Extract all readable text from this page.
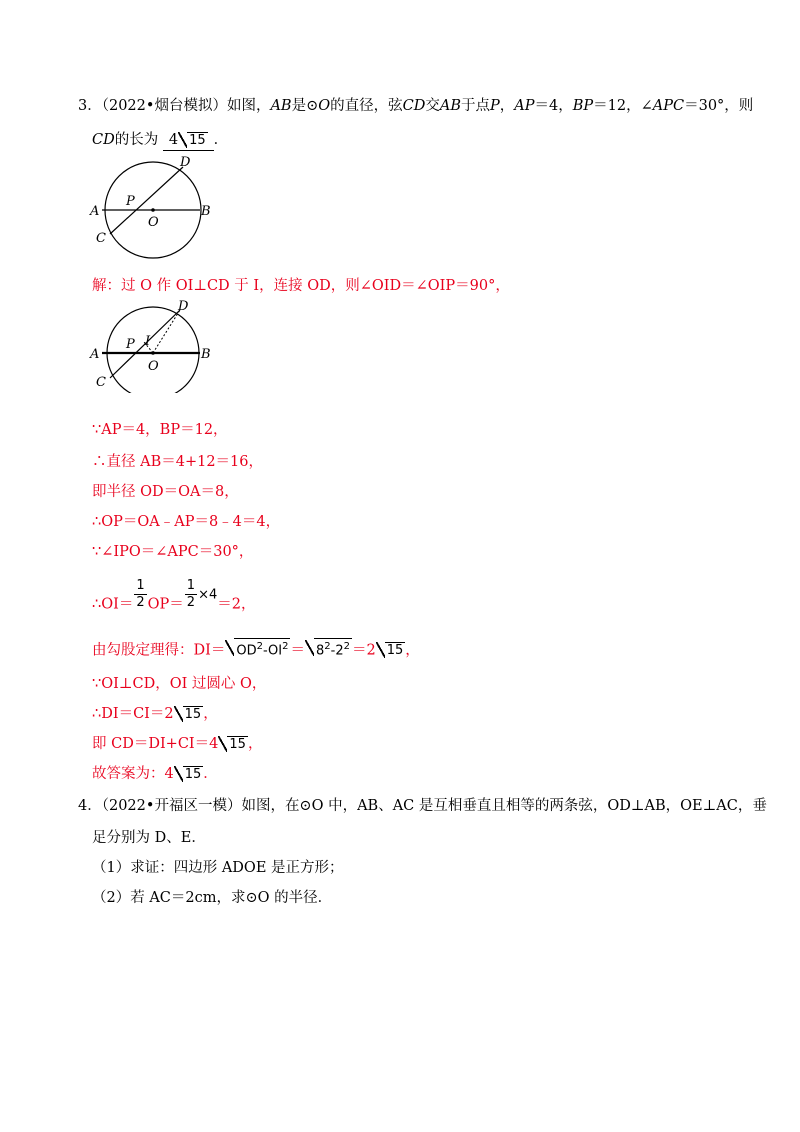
3．（2022•烟台模拟）如图，AB是⊙O的直径，弦CD交AB于点P，AP＝4，BP＝12，∠APC＝30°，则
CD的长为 4 15 ．
A	B
C
D
P
O
解：过 O 作 OI⊥CD 于 I，连接 OD，则∠OID＝∠OIP＝90°，
A	B
C
D
P I
O
∵AP＝4，BP＝12，
∴直径 AB＝4+12＝16，
即半径 OD＝OA＝8，
∴OP＝OA﹣AP＝8﹣4＝4，
∵∠IPO＝∠APC＝30°，
∴OI＝ $\frac{1}{2} OP= \frac{1}{2} \times 4=2$，
由勾股定理得：$DI= OD^2-OI^2 = 8^2-2^2 =2$ 15 ，
∵OI⊥CD，OI 过圆心 O，
∴DI＝CI＝2 15 ，
即 CD＝DI+CI＝4 15 ，
故答案为：4 15 ．
4．（2022•开福区一模）如图，在⊙O 中，AB、AC 是互相垂直且相等的两条弦，OD⊥AB，OE⊥AC，垂
足分别为 D、E．
（1）求证：四边形 ADOE 是正方形；
（2）若 AC＝2cm，求⊙O 的半径．
